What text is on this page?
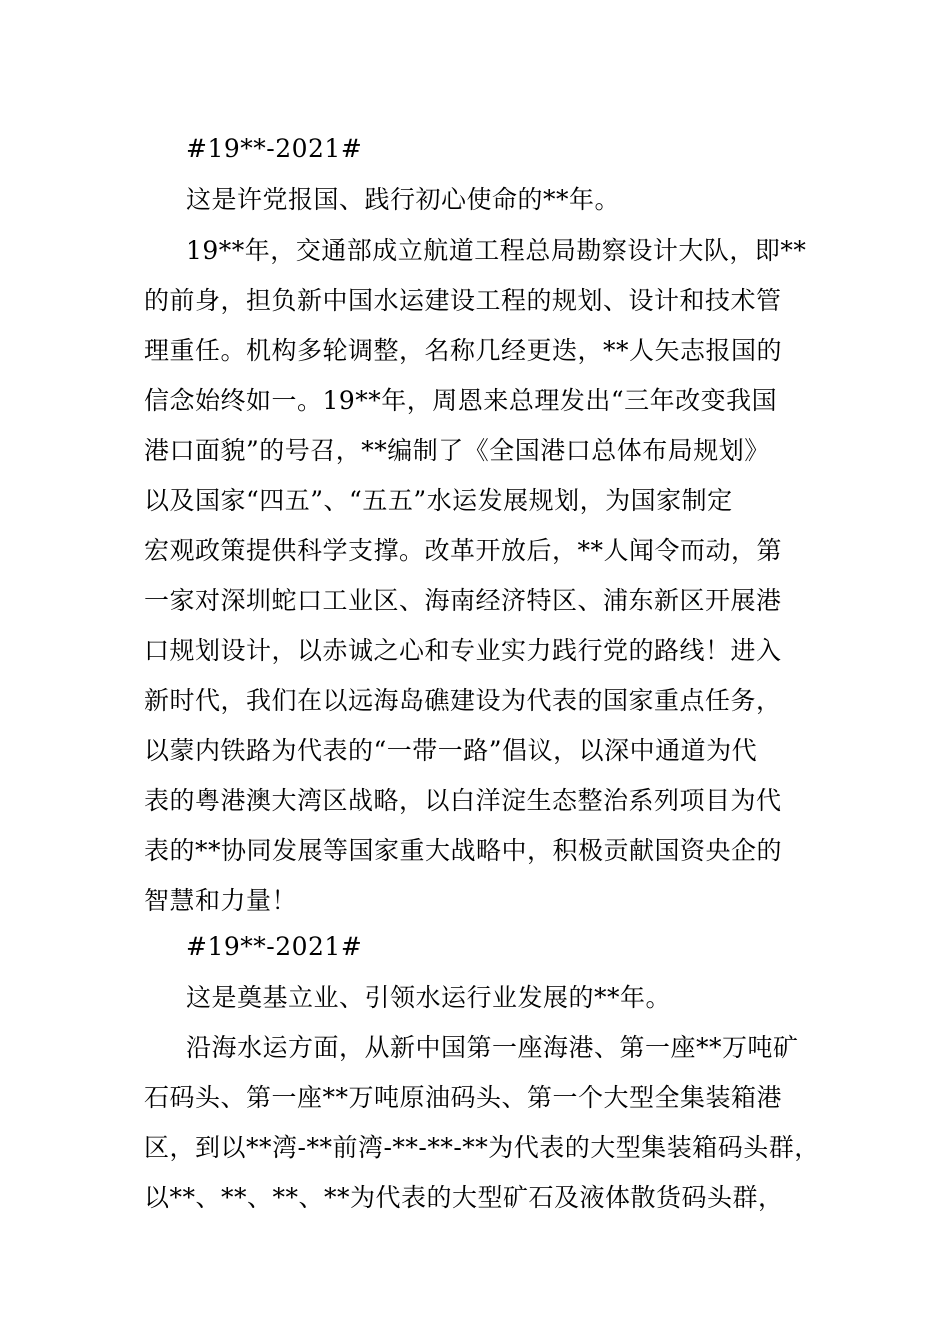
#19**-2021#
这是许党报国、践行初心使命的**年。
19**年，交通部成立航道工程总局勘察设计大队，即**
的前身，担负新中国水运建设工程的规划、设计和技术管
理重任。机构多轮调整，名称几经更迭，**人矢志报国的
信念始终如一。19**年，周恩来总理发出“三年改变我国
港口面貌”的号召，**编制了《全国港口总体布局规划》
以及国家“四五”、“五五”水运发展规划，为国家制定
宏观政策提供科学支撑。改革开放后，**人闻令而动，第
一家对深圳蛇口工业区、海南经济特区、浦东新区开展港
口规划设计，以赤诚之心和专业实力践行党的路线！进入
新时代，我们在以远海岛礁建设为代表的国家重点任务，
以蒙内铁路为代表的“一带一路”倡议，以深中通道为代
表的粤港澳大湾区战略，以白洋淀生态整治系列项目为代
表的**协同发展等国家重大战略中，积极贡献国资央企的
智慧和力量！
#19**-2021#
这是奠基立业、引领水运行业发展的**年。
沿海水运方面，从新中国第一座海港、第一座**万吨矿
石码头、第一座**万吨原油码头、第一个大型全集装箱港
区，到以**湾-**前湾-**-**-**为代表的大型集装箱码头群，
以**、**、**、**为代表的大型矿石及液体散货码头群，
